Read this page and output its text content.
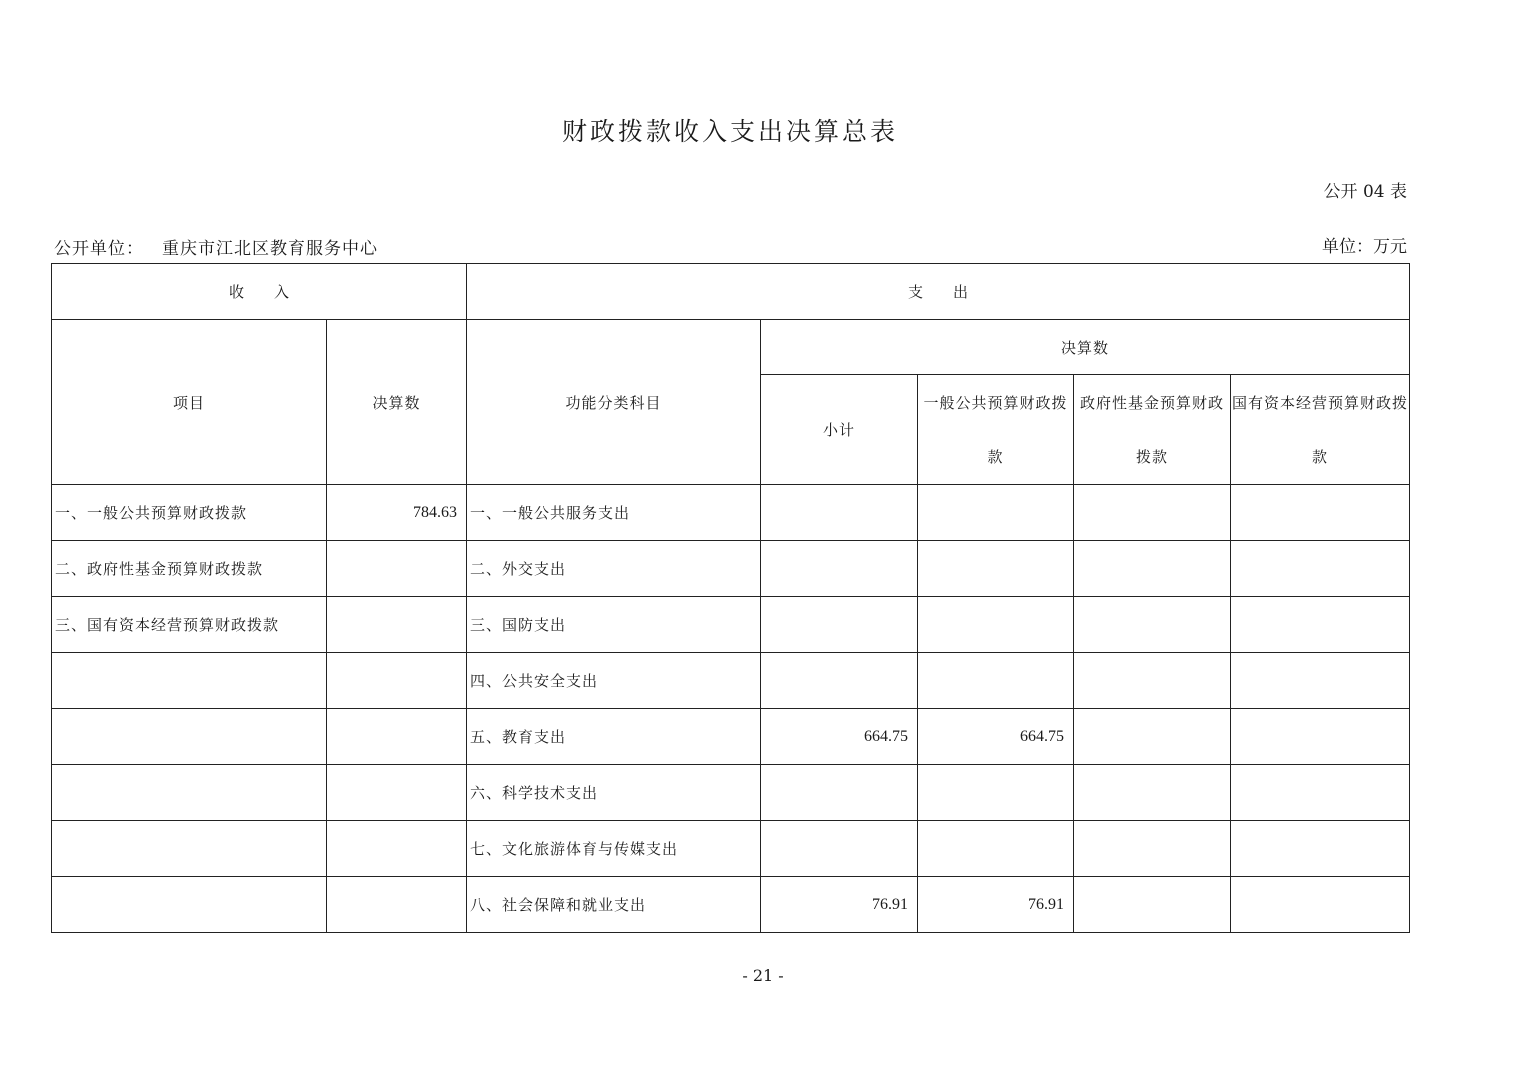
财政拨款收入支出决算总表
公开 04 表
公开单位： 重庆市江北区教育服务中心	单位：万元
收　　入		支　　出				
项目	决算数	功能分类科目	决算数			
			小计	一般公共预算财政拨款	政府性基金预算财政拨款	国有资本经营预算财政拨款
一、一般公共预算财政拨款	784.63	一、一般公共服务支出				
二、政府性基金预算财政拨款		二、外交支出				
三、国有资本经营预算财政拨款		三、国防支出				
		四、公共安全支出				
		五、教育支出	664.75	664.75		
		六、科学技术支出				
		七、文化旅游体育与传媒支出				
		八、社会保障和就业支出	76.91	76.91		
- 21 -
